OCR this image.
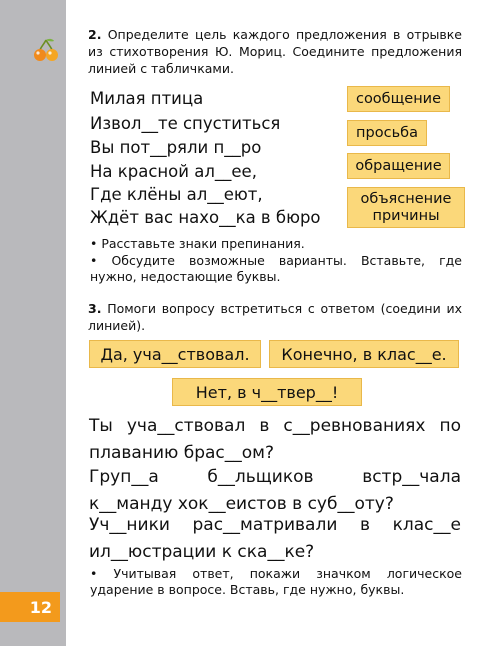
12

2. Определите цель каждого предложения в отрывке из стихотворения Ю. Мориц. Соедините предложения линией с табличками.

Милая птица
Извол__те спуститься
Вы пот__ряли п__ро
На красной ал__ее,
Где клёны ал__еют,
Ждёт вас нахо__ка в бюро
сообщение
просьба
обращение
объяснение причины
• Расставьте знаки препинания.
• Обсудите возможные варианты. Вставьте, где нужно, недостающие буквы.

3. Помоги вопросу встретиться с ответом (соедини их линией).

Да, уча__ствовал.	Конечно, в клас__е.
Нет, в ч__твер__!

Ты уча__ствовал в с__ревнованиях по плаванию брас__ом?

Груп__а б__льщиков встр__чала к__манду хок__еистов в суб__оту?

Уч__ники рас__матривали в клас__е ил__юстрации к ска__ке?

• Учитывая ответ, покажи значком логическое ударение в вопросе. Вставь, где нужно, буквы.
